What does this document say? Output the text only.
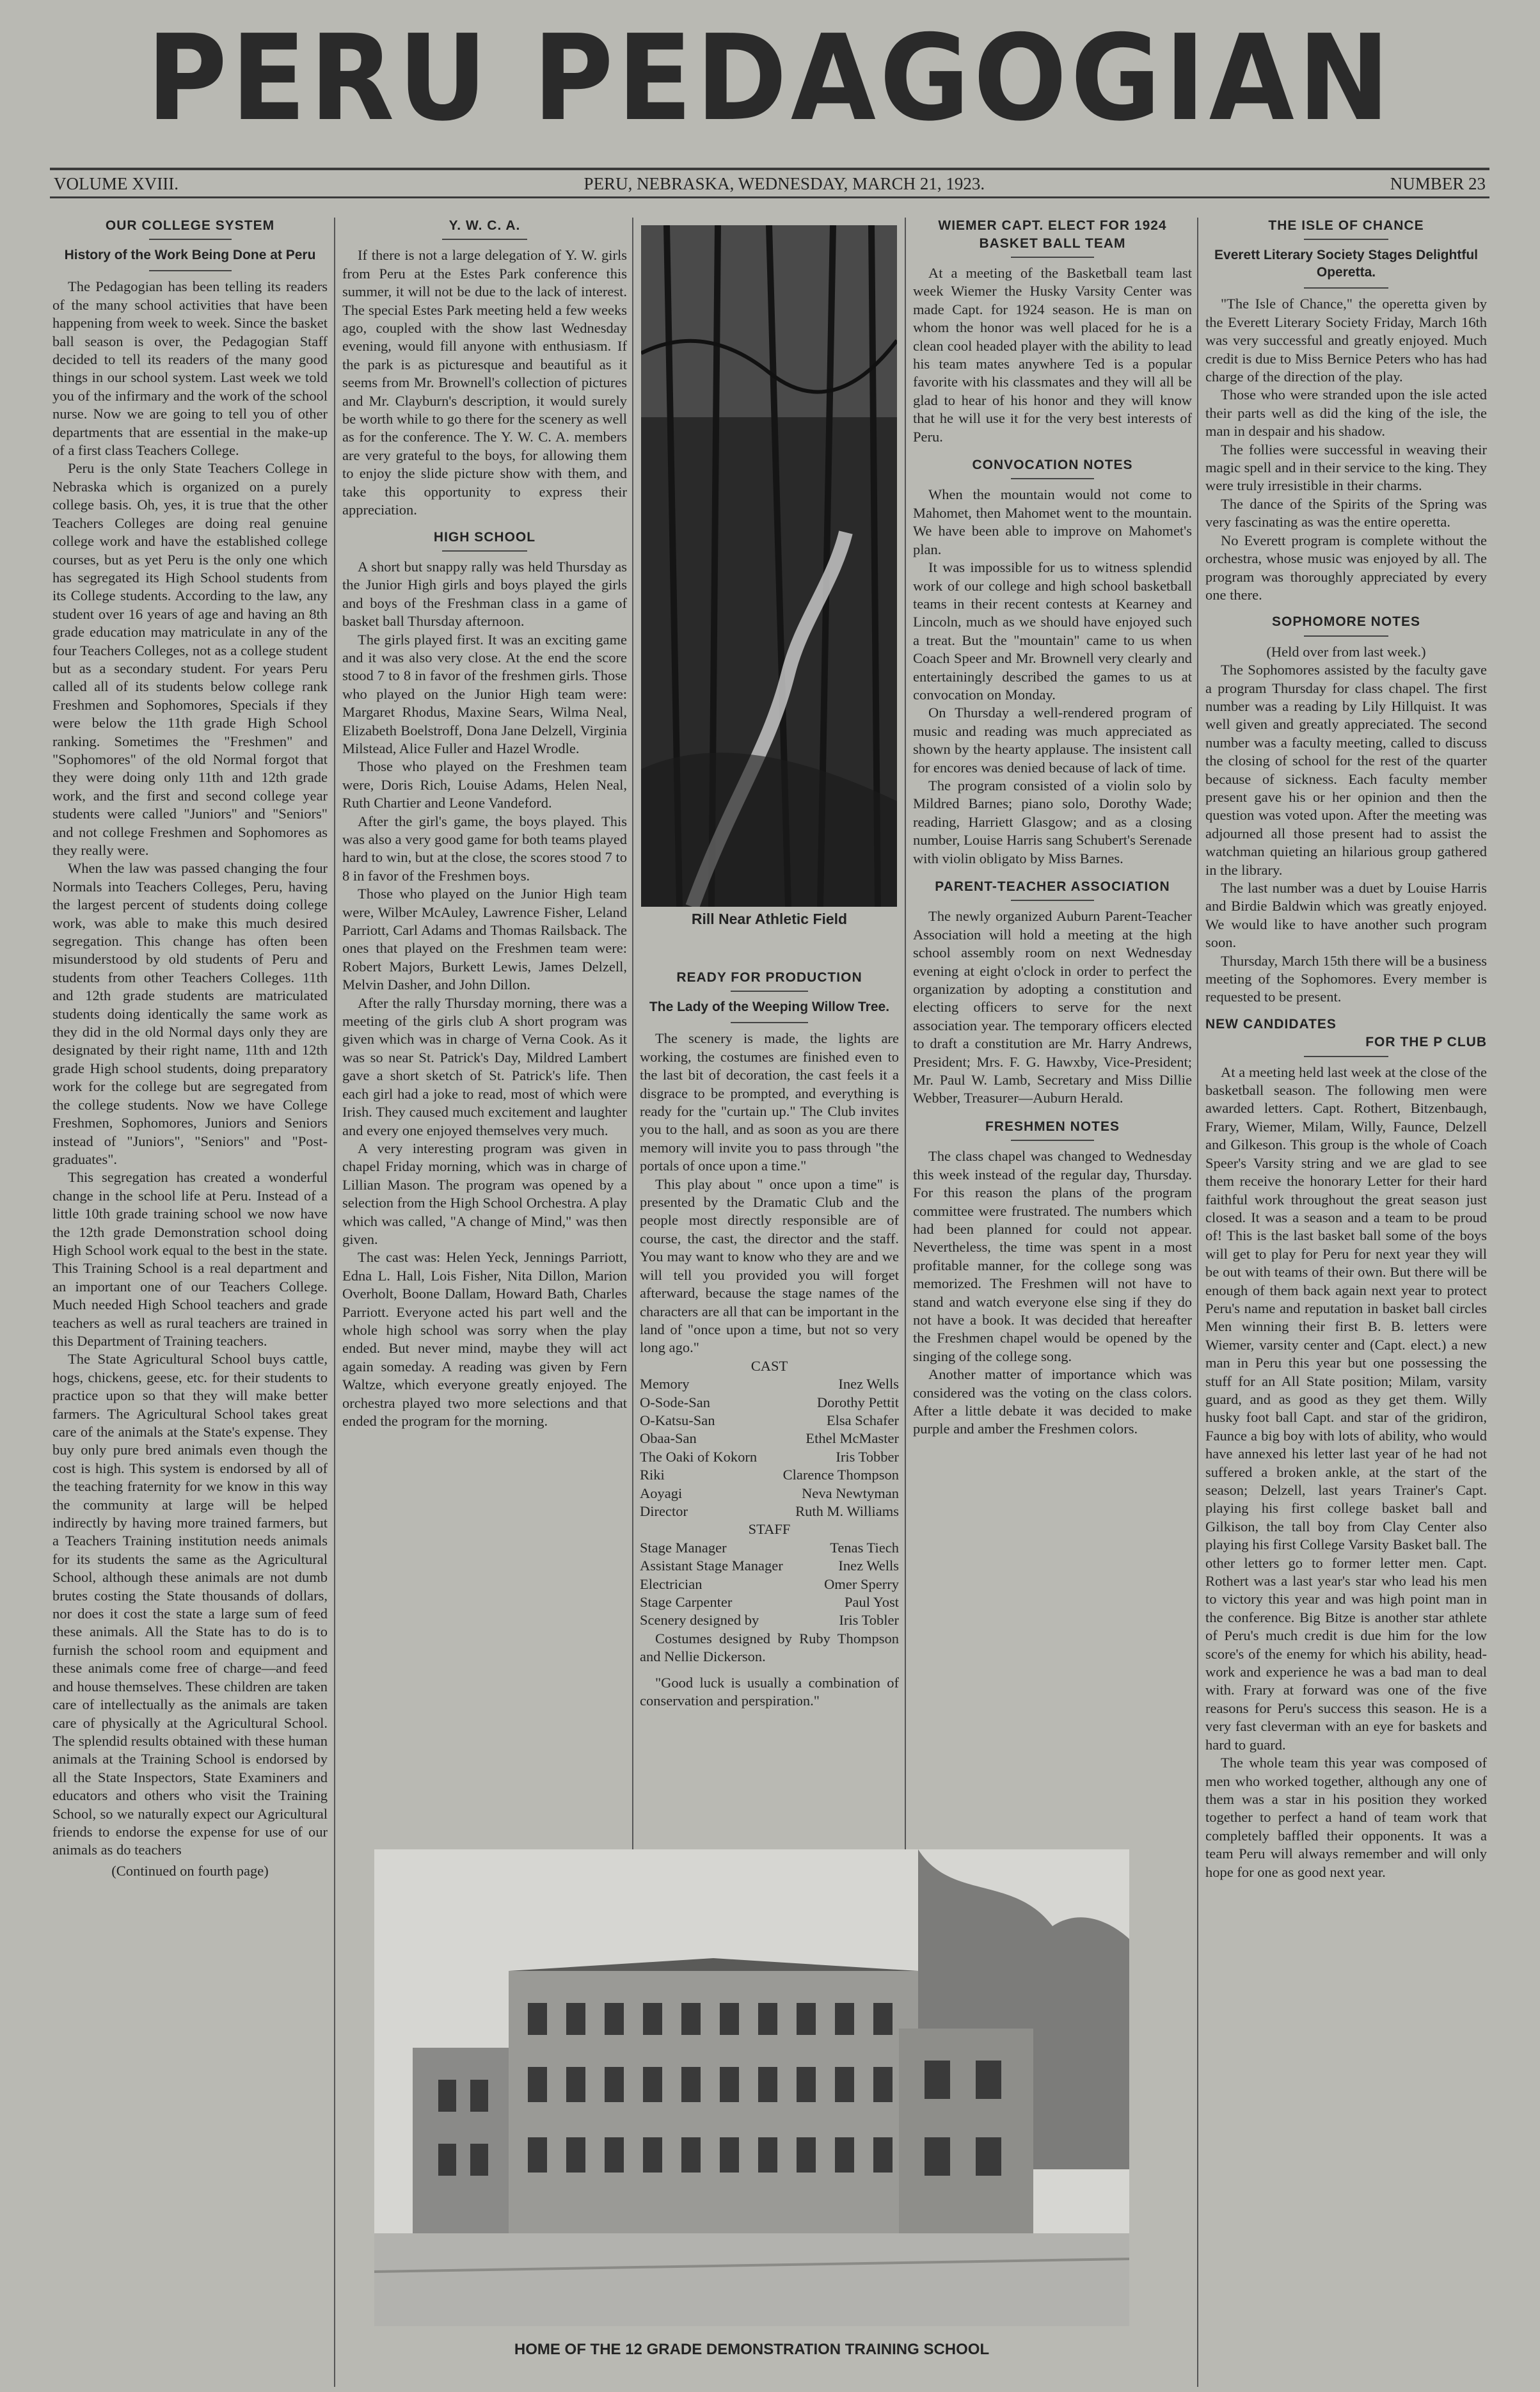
PERU PEDAGOGIAN
VOLUME XVIII.	PERU, NEBRASKA, WEDNESDAY, MARCH 21, 1923.	NUMBER 23
OUR COLLEGE SYSTEM
History of the Work Being Done at Peru

The Pedagogian has been telling its readers of the many school activities that have been happening from week to week. Since the basket ball season is over, the Pedagogian Staff decided to tell its readers of the many good things in our school system. Last week we told you of the infirmary and the work of the school nurse. Now we are going to tell you of other departments that are essential in the make-up of a first class Teachers College.

Peru is the only State Teachers College in Nebraska which is organized on a purely college basis. Oh, yes, it is true that the other Teachers Colleges are doing real genuine college work and have the established college courses, but as yet Peru is the only one which has segregated its High School students from its College students. According to the law, any student over 16 years of age and having an 8th grade education may matriculate in any of the four Teachers Colleges, not as a college student but as a secondary student. For years Peru called all of its students below college rank Freshmen and Sophomores, Specials if they were below the 11th grade High School ranking. Sometimes the "Freshmen" and "Sophomores" of the old Normal forgot that they were doing only 11th and 12th grade work, and the first and second college year students were called "Juniors" and "Seniors" and not college Freshmen and Sophomores as they really were.

When the law was passed changing the four Normals into Teachers Colleges, Peru, having the largest percent of students doing college work, was able to make this much desired segregation. This change has often been misunderstood by old students of Peru and students from other Teachers Colleges. 11th and 12th grade students are matriculated students doing identically the same work as they did in the old Normal days only they are designated by their right name, 11th and 12th grade High school students, doing preparatory work for the college but are segregated from the college students. Now we have College Freshmen, Sophomores, Juniors and Seniors instead of "Juniors", "Seniors" and "Post-graduates".

This segregation has created a wonderful change in the school life at Peru. Instead of a little 10th grade training school we now have the 12th grade Demonstration school doing High School work equal to the best in the state. This Training School is a real department and an important one of our Teachers College. Much needed High School teachers and grade teachers as well as rural teachers are trained in this Department of Training teachers.

The State Agricultural School buys cattle, hogs, chickens, geese, etc. for their students to practice upon so that they will make better farmers. The Agricultural School takes great care of the animals at the State's expense. They buy only pure bred animals even though the cost is high. This system is endorsed by all of the teaching fraternity for we know in this way the community at large will be helped indirectly by having more trained farmers, but a Teachers Training institution needs animals for its students the same as the Agricultural School, although these animals are not dumb brutes costing the State thousands of dollars, nor does it cost the state a large sum of feed these animals. All the State has to do is to furnish the school room and equipment and these animals come free of charge—and feed and house themselves. These children are taken care of intellectually as the animals are taken care of physically at the Agricultural School. The splendid results obtained with these human animals at the Training School is endorsed by all the State Inspectors, State Examiners and educators and others who visit the Training School, so we naturally expect our Agricultural friends to endorse the expense for use of our animals as do teachers

(Continued on fourth page)
Y. W. C. A.

If there is not a large delegation of Y. W. girls from Peru at the Estes Park conference this summer, it will not be due to the lack of interest. The special Estes Park meeting held a few weeks ago, coupled with the show last Wednesday evening, would fill anyone with enthusiasm. If the park is as picturesque and beautiful as it seems from Mr. Brownell's collection of pictures and Mr. Clayburn's description, it would surely be worth while to go there for the scenery as well as for the conference. The Y. W. C. A. members are very grateful to the boys, for allowing them to enjoy the slide picture show with them, and take this opportunity to express their appreciation.

HIGH SCHOOL

A short but snappy rally was held Thursday as the Junior High girls and boys played the girls and boys of the Freshman class in a game of basket ball Thursday afternoon.

The girls played first. It was an exciting game and it was also very close. At the end the score stood 7 to 8 in favor of the freshmen girls. Those who played on the Junior High team were: Margaret Rhodus, Maxine Sears, Wilma Neal, Elizabeth Boelstroff, Dona Jane Delzell, Virginia Milstead, Alice Fuller and Hazel Wrodle.

Those who played on the Freshmen team were, Doris Rich, Louise Adams, Helen Neal, Ruth Chartier and Leone Vandeford.

After the girl's game, the boys played. This was also a very good game for both teams played hard to win, but at the close, the scores stood 7 to 8 in favor of the Freshmen boys.

Those who played on the Junior High team were, Wilber McAuley, Lawrence Fisher, Leland Parriott, Carl Adams and Thomas Railsback. The ones that played on the Freshmen team were: Robert Majors, Burkett Lewis, James Delzell, Melvin Dasher, and John Dillon.

After the rally Thursday morning, there was a meeting of the girls club A short program was given which was in charge of Verna Cook. As it was so near St. Patrick's Day, Mildred Lambert gave a short sketch of St. Patrick's life. Then each girl had a joke to read, most of which were Irish. They caused much excitement and laughter and every one enjoyed themselves very much.

A very interesting program was given in chapel Friday morning, which was in charge of Lillian Mason. The program was opened by a selection from the High School Orchestra. A play which was called, "A change of Mind," was then given.

The cast was: Helen Yeck, Jennings Parriott, Edna L. Hall, Lois Fisher, Nita Dillon, Marion Overholt, Boone Dallam, Howard Bath, Charles Parriott. Everyone acted his part well and the whole high school was sorry when the play ended. But never mind, maybe they will act again someday. A reading was given by Fern Waltze, which everyone greatly enjoyed. The orchestra played two more selections and that ended the program for the morning.

Rill Near Athletic Field
READY FOR PRODUCTION
The Lady of the Weeping Willow Tree.

The scenery is made, the lights are working, the costumes are finished even to the last bit of decoration, the cast feels it a disgrace to be prompted, and everything is ready for the "curtain up." The Club invites you to the hall, and as soon as you are there memory will invite you to pass through "the portals of once upon a time."

This play about " once upon a time" is presented by the Dramatic Club and the people most directly responsible are of course, the cast, the director and the staff. You may want to know who they are and we will tell you provided you will forget afterward, because the stage names of the characters are all that can be important in the land of "once upon a time, but not so very long ago."

CAST
Memory	Inez Wells
O-Sode-San	Dorothy Pettit
O-Katsu-San	Elsa Schafer
Obaa-San	Ethel McMaster
The Oaki of Kokorn	Iris Tobber
Riki	Clarence Thompson
Aoyagi	Neva Newtyman
Director	Ruth M. Williams
STAFF
Stage Manager	Tenas Tiech
Assistant Stage Manager	Inez Wells
Electrician	Omer Sperry
Stage Carpenter	Paul Yost
Scenery designed by	Iris Tobler

Costumes designed by Ruby Thompson and Nellie Dickerson.

"Good luck is usually a combination of conservation and perspiration."

WIEMER CAPT. ELECT FOR 1924 BASKET BALL TEAM

At a meeting of the Basketball team last week Wiemer the Husky Varsity Center was made Capt. for 1924 season. He is man on whom the honor was well placed for he is a clean cool headed player with the ability to lead his team mates anywhere Ted is a popular favorite with his classmates and they will all be glad to hear of his honor and they will know that he will use it for the very best interests of Peru.

CONVOCATION NOTES

When the mountain would not come to Mahomet, then Mahomet went to the mountain. We have been able to improve on Mahomet's plan.

It was impossible for us to witness splendid work of our college and high school basketball teams in their recent contests at Kearney and Lincoln, much as we should have enjoyed such a treat. But the "mountain" came to us when Coach Speer and Mr. Brownell very clearly and entertainingly described the games to us at convocation on Monday.

On Thursday a well-rendered program of music and reading was much appreciated as shown by the hearty applause. The insistent call for encores was denied because of lack of time.

The program consisted of a violin solo by Mildred Barnes; piano solo, Dorothy Wade; reading, Harriett Glasgow; and as a closing number, Louise Harris sang Schubert's Serenade with violin obligato by Miss Barnes.

PARENT-TEACHER ASSOCIATION

The newly organized Auburn Parent-Teacher Association will hold a meeting at the high school assembly room on next Wednesday evening at eight o'clock in order to perfect the organization by adopting a constitution and electing officers to serve for the next association year. The temporary officers elected to draft a constitution are Mr. Harry Andrews, President; Mrs. F. G. Hawxby, Vice-President; Mr. Paul W. Lamb, Secretary and Miss Dillie Webber, Treasurer—Auburn Herald.

FRESHMEN NOTES

The class chapel was changed to Wednesday this week instead of the regular day, Thursday. For this reason the plans of the program committee were frustrated. The numbers which had been planned for could not appear. Nevertheless, the time was spent in a most profitable manner, for the college song was memorized. The Freshmen will not have to stand and watch everyone else sing if they do not have a book. It was decided that hereafter the Freshmen chapel would be opened by the singing of the college song.

Another matter of importance which was considered was the voting on the class colors. After a little debate it was decided to make purple and amber the Freshmen colors.

THE ISLE OF CHANCE
Everett Literary Society Stages Delightful Operetta.

"The Isle of Chance," the operetta given by the Everett Literary Society Friday, March 16th was very successful and greatly enjoyed. Much credit is due to Miss Bernice Peters who has had charge of the direction of the play.

Those who were stranded upon the isle acted their parts well as did the king of the isle, the man in despair and his shadow.

The follies were successful in weaving their magic spell and in their service to the king. They were truly irresistible in their charms.

The dance of the Spirits of the Spring was very fascinating as was the entire operetta.

No Everett program is complete without the orchestra, whose music was enjoyed by all. The program was thoroughly appreciated by every one there.

SOPHOMORE NOTES
(Held over from last week.)

The Sophomores assisted by the faculty gave a program Thursday for class chapel. The first number was a reading by Lily Hillquist. It was well given and greatly appreciated. The second number was a faculty meeting, called to discuss the closing of school for the rest of the quarter because of sickness. Each faculty member present gave his or her opinion and then the question was voted upon. After the meeting was adjourned all those present had to assist the watchman quieting an hilarious group gathered in the library.

The last number was a duet by Louise Harris and Birdie Baldwin which was greatly enjoyed. We would like to have another such program soon.

Thursday, March 15th there will be a business meeting of the Sophomores. Every member is requested to be present.

NEW CANDIDATES
FOR THE P CLUB

At a meeting held last week at the close of the basketball season. The following men were awarded letters. Capt. Rothert, Bitzenbaugh, Frary, Wiemer, Milam, Willy, Faunce, Delzell and Gilkeson. This group is the whole of Coach Speer's Varsity string and we are glad to see them receive the honorary Letter for their hard faithful work throughout the great season just closed. It was a season and a team to be proud of! This is the last basket ball some of the boys will get to play for Peru for next year they will be out with teams of their own. But there will be enough of them back again next year to protect Peru's name and reputation in basket ball circles Men winning their first B. B. letters were Wiemer, varsity center and (Capt. elect.) a new man in Peru this year but one possessing the stuff for an All State position; Milam, varsity guard, and as good as they get them. Willy husky foot ball Capt. and star of the gridiron, Faunce a big boy with lots of ability, who would have annexed his letter last year of he had not suffered a broken ankle, at the start of the season; Delzell, last years Trainer's Capt. playing his first college basket ball and Gilkison, the tall boy from Clay Center also playing his first College Varsity Basket ball. The other letters go to former letter men. Capt. Rothert was a last year's star who lead his men to victory this year and was high point man in the conference. Big Bitze is another star athlete of Peru's much credit is due him for the low score's of the enemy for which his ability, head-work and experience he was a bad man to deal with. Frary at forward was one of the five reasons for Peru's success this season. He is a very fast cleverman with an eye for baskets and hard to guard.

The whole team this year was composed of men who worked together, although any one of them was a star in his position they worked together to perfect a hand of team work that completely baffled their opponents. It was a team Peru will always remember and will only hope for one as good next year.

HOME OF THE 12 GRADE DEMONSTRATION TRAINING SCHOOL
